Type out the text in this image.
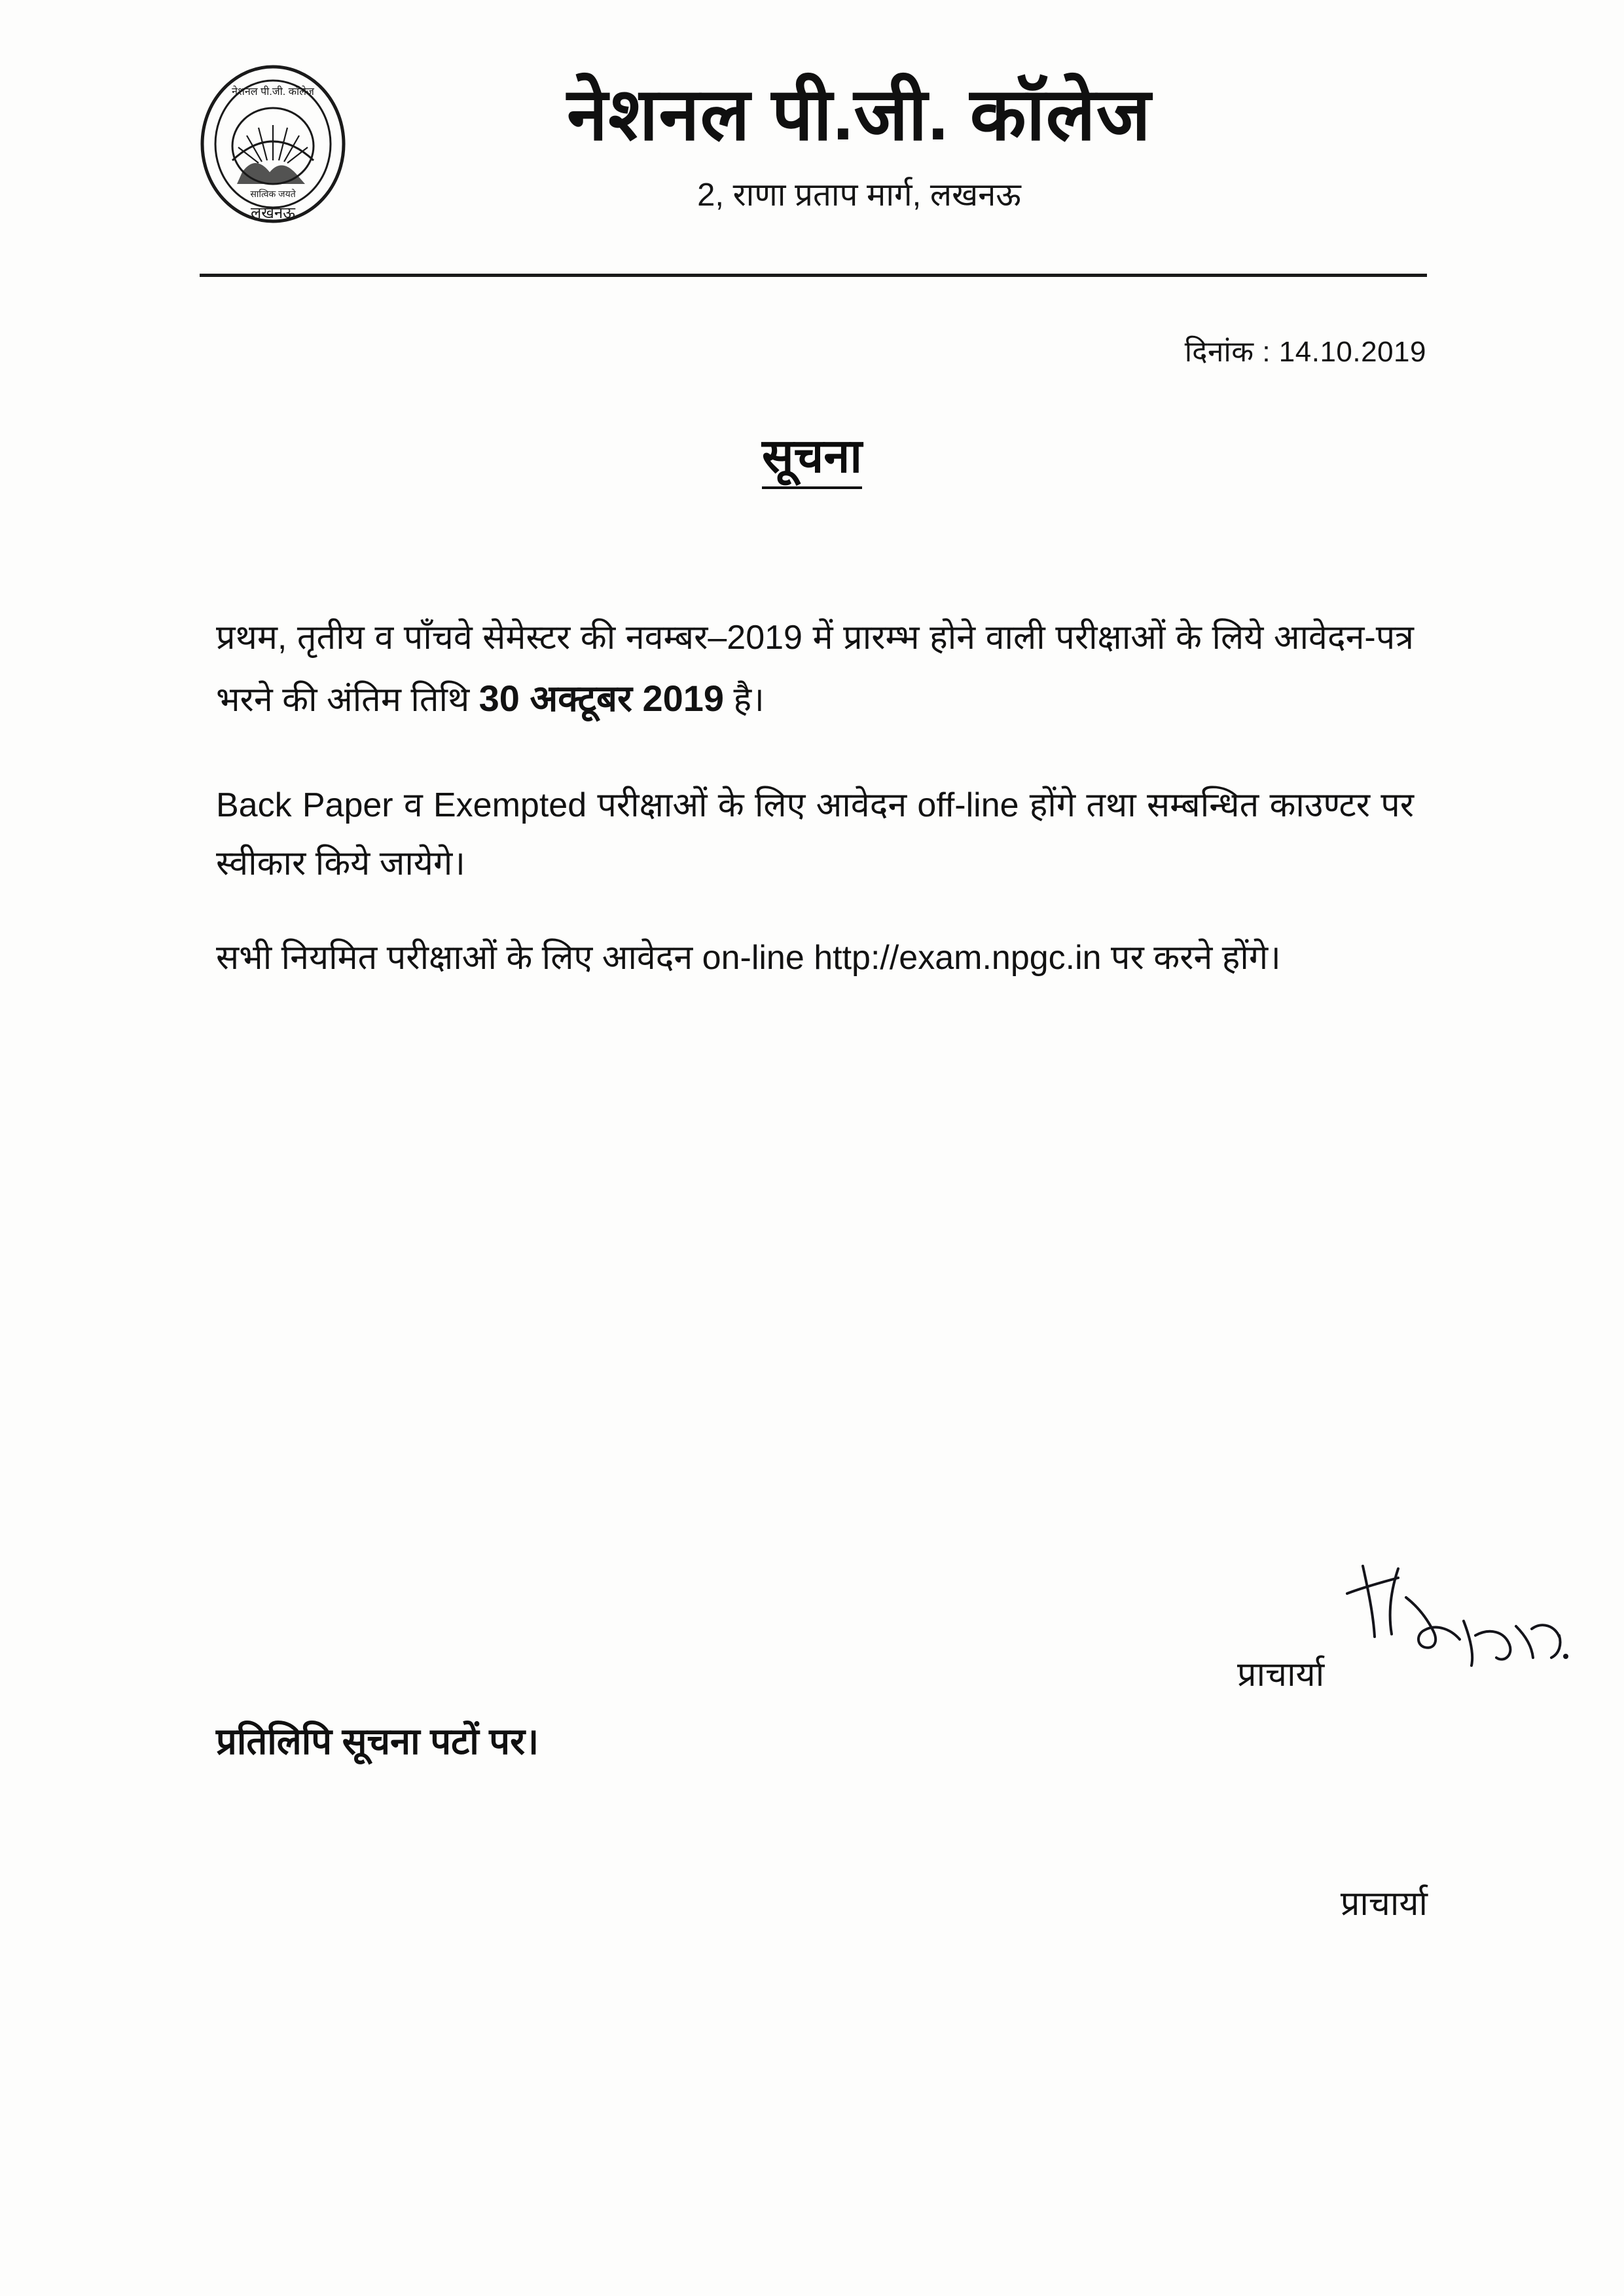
नेशनल पी.जी. कॉलेज
सात्विक जयते
लखनऊ
नेशनल पी.जी. कॉलेज
2, राणा प्रताप मार्ग, लखनऊ
दिनांक : 14.10.2019
सूचना
प्रथम, तृतीय व पाँचवे सेमेस्टर की नवम्बर–2019 में प्रारम्भ होने वाली परीक्षाओं के लिये आवेदन-पत्र भरने की अंतिम तिथि 30 अक्टूबर 2019 है।
Back Paper व Exempted परीक्षाओं के लिए आवेदन off-line होंगे तथा सम्बन्धित काउण्टर पर स्वीकार किये जायेगे।
सभी नियमित परीक्षाओं के लिए आवेदन on-line http://exam.npgc.in पर करने होंगे।
प्राचार्या
प्रतिलिपि सूचना पटों पर।
प्राचार्या
